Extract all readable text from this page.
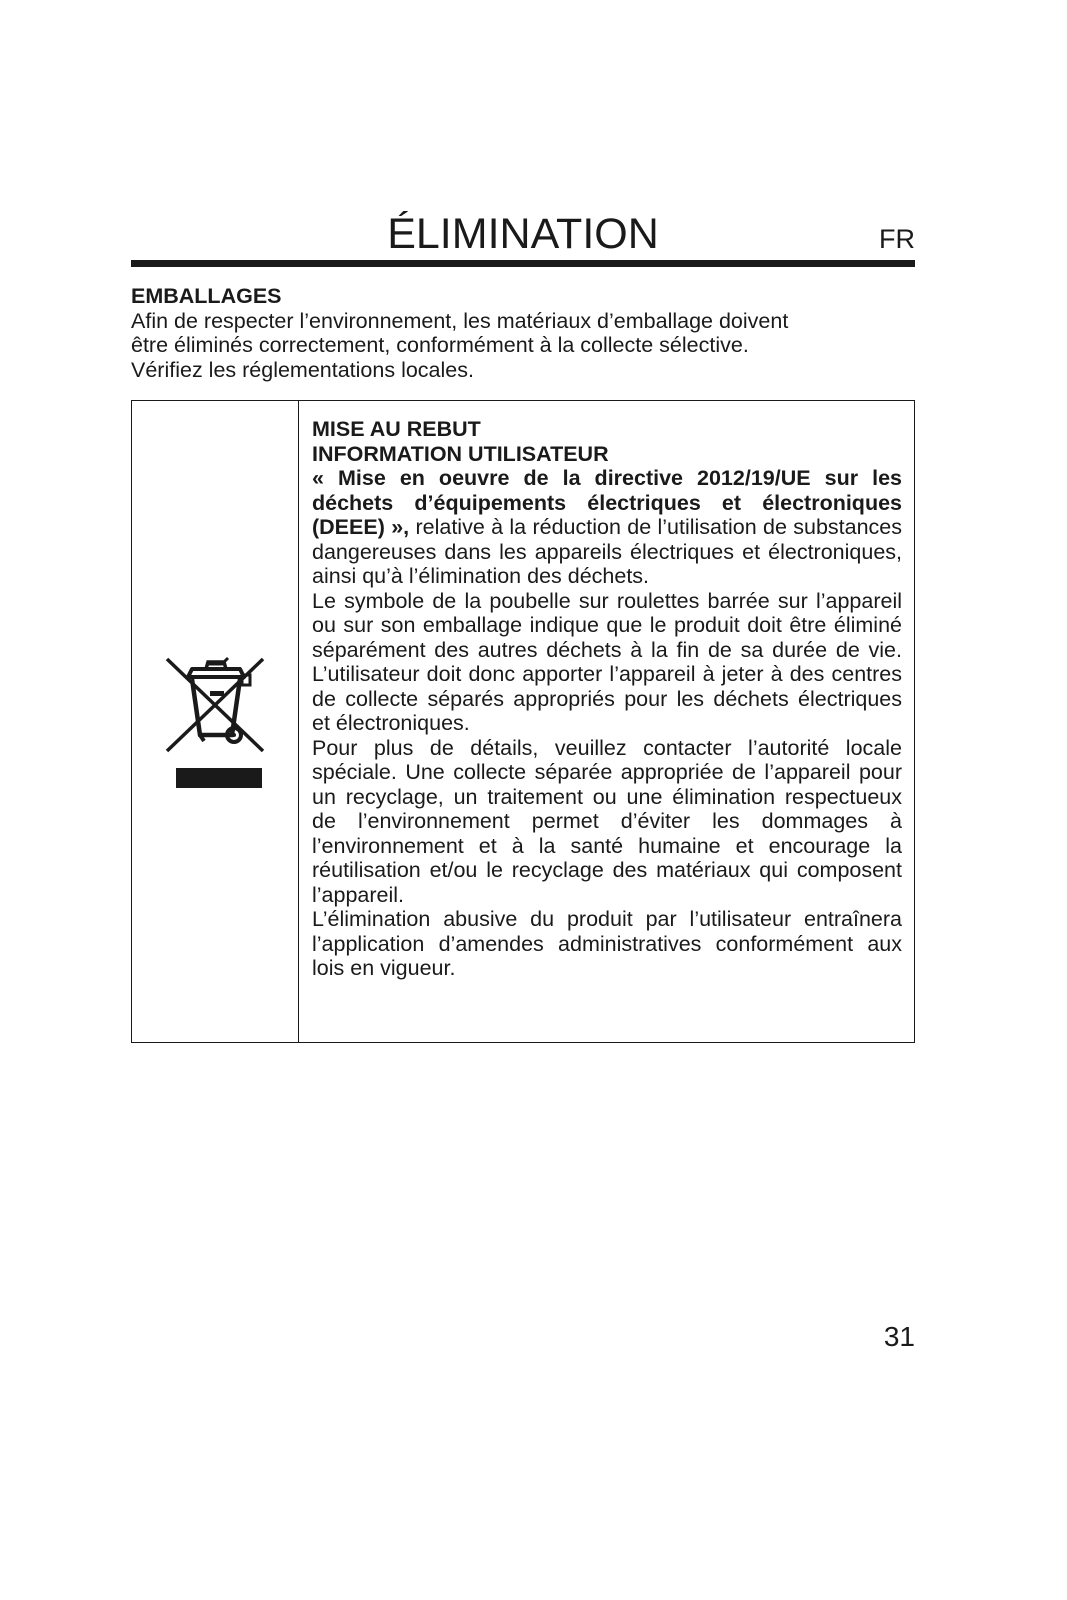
ÉLIMINATION	FR

EMBALLAGES

Afin de respecter l’environnement, les matériaux d’emballage doivent

être éliminés correctement, conformément à la collecte sélective.

Vérifiez les réglementations locales.

MISE AU REBUT

INFORMATION UTILISATEUR

« Mise en oeuvre de la directive 2012/19/UE sur les déchets d’équipements électriques et électroniques (DEEE) », relative à la réduction de l’utilisation de substances dangereuses dans les appareils électriques et électroniques, ainsi qu’à l’élimination des déchets.

Le symbole de la poubelle sur roulettes barrée sur l’appareil ou sur son emballage indique que le produit doit être éliminé séparément des autres déchets à la fin de sa durée de vie. L’utilisateur doit donc apporter l’appareil à jeter à des centres de collecte séparés appropriés pour les déchets électriques et électroniques.

Pour plus de détails, veuillez contacter l’autorité locale spéciale. Une collecte séparée appropriée de l’appareil pour un recyclage, un traitement ou une élimination respectueux de l’environnement permet d’éviter les dommages à l’environnement et à la santé humaine et encourage la réutilisation et/ou le recyclage des matériaux qui composent l’appareil.

L’élimination abusive du produit par l’utilisateur entraînera l’application d’amendes administratives conformément aux lois en vigueur.

31
